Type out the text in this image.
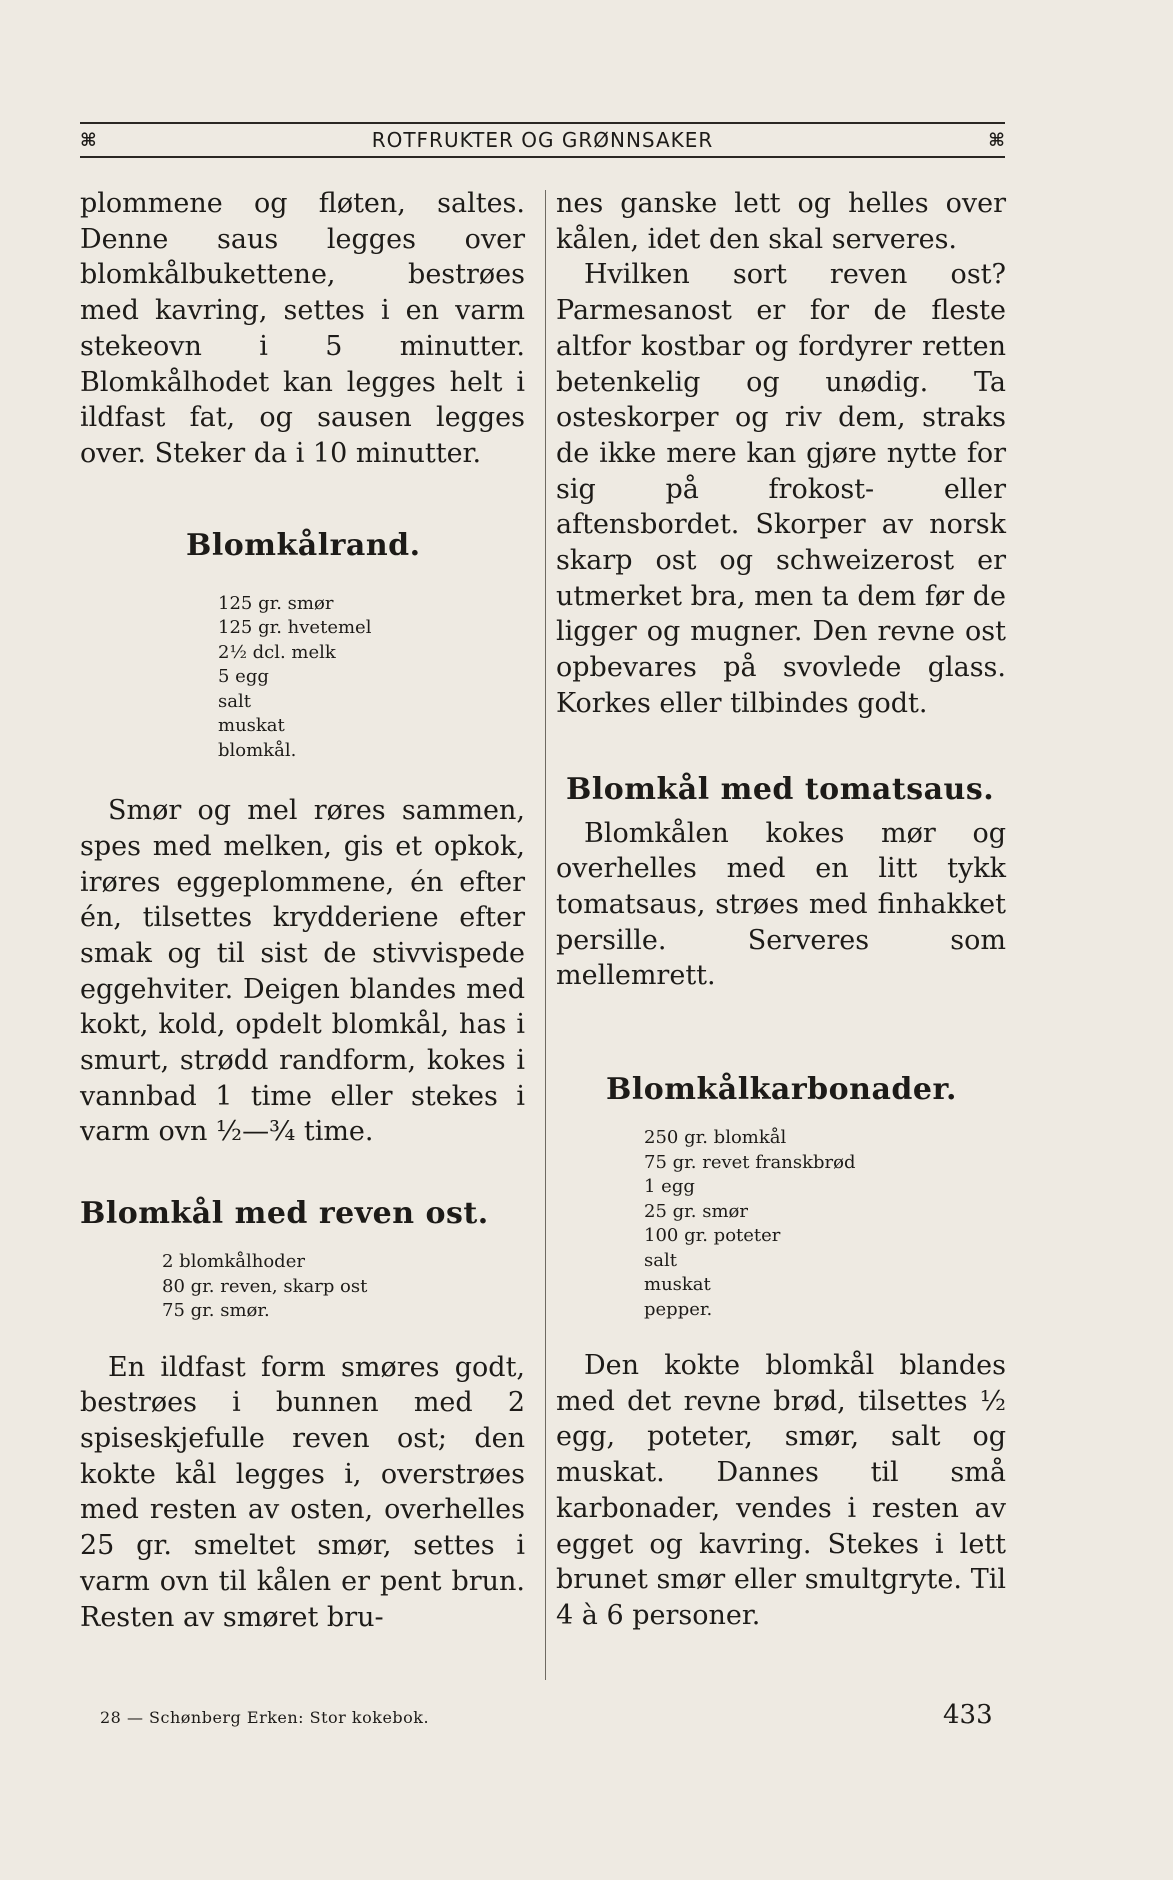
⌘	ROTFRUKTER OG GRØNNSAKER	⌘

plommene og fløten, saltes. Denne saus legges over blomkålbukettene, bestrøes med kavring, settes i en varm stekeovn i 5 minutter. Blomkålhodet kan legges helt i ildfast fat, og sausen legges over. Steker da i 10 minutter.

Blomkålrand.
125 gr. smør
125 gr. hvetemel
2½ dcl. melk
5 egg
salt
muskat
blomkål.

Smør og mel røres sammen, spes med melken, gis et opkok, irøres eggeplommene, én efter én, tilsettes krydderiene efter smak og til sist de stivvispede eggehviter. Deigen blandes med kokt, kold, opdelt blomkål, has i smurt, strødd randform, kokes i vannbad 1 time eller stekes i varm ovn ½—¾ time.

Blomkål med reven ost.
2 blomkålhoder
80 gr. reven, skarp ost
75 gr. smør.

En ildfast form smøres godt, bestrøes i bunnen med 2 spiseskjefulle reven ost; den kokte kål legges i, overstrøes med resten av osten, overhelles 25 gr. smeltet smør, settes i varm ovn til kålen er pent brun. Resten av smøret bru-

nes ganske lett og helles over kålen, idet den skal serveres.

Hvilken sort reven ost? Parmesanost er for de fleste altfor kostbar og fordyrer retten betenkelig og unødig. Ta osteskorper og riv dem, straks de ikke mere kan gjøre nytte for sig på frokost- eller aftensbordet. Skorper av norsk skarp ost og schweizerost er utmerket bra, men ta dem før de ligger og mugner. Den revne ost opbevares på svovlede glass. Korkes eller tilbindes godt.

Blomkål med tomatsaus.

Blomkålen kokes mør og overhelles med en litt tykk tomatsaus, strøes med finhakket persille. Serveres som mellemrett.

Blomkålkarbonader.
250 gr. blomkål
75 gr. revet franskbrød
1 egg
25 gr. smør
100 gr. poteter
salt
muskat
pepper.

Den kokte blomkål blandes med det revne brød, tilsettes ½ egg, poteter, smør, salt og muskat. Dannes til små karbonader, vendes i resten av egget og kavring. Stekes i lett brunet smør eller smultgryte. Til 4 à 6 personer.

28 — Schønberg Erken: Stor kokebok.	433
